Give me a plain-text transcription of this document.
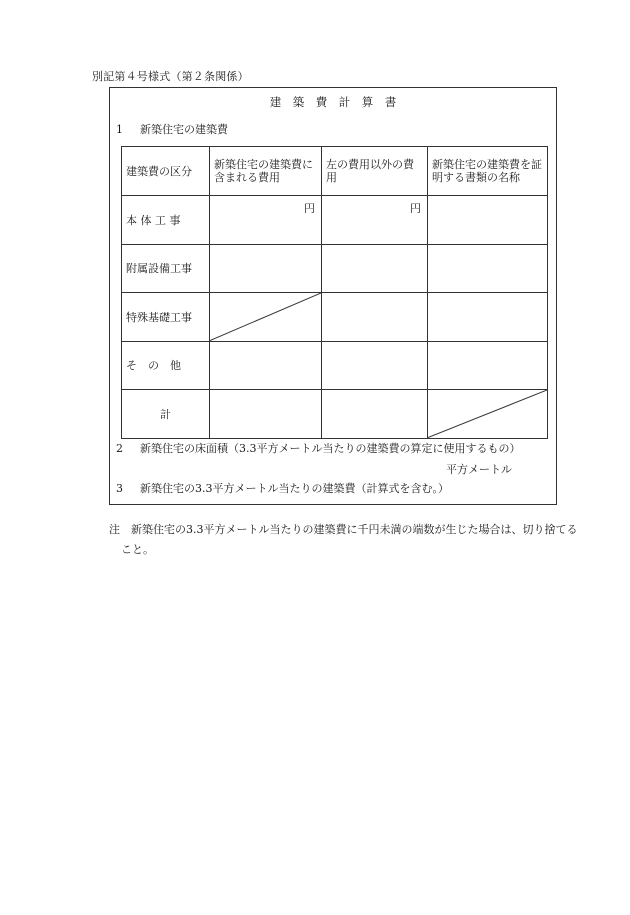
別記第４号様式（第２条関係）
建　築　費　計　算　書
1 新築住宅の建築費
建築費の区分	新築住宅の建築費に含まれる費用	左の費用以外の費用	新築住宅の建築費を証明する書類の名称
本 体 工 事	円	円	

附属設備工事			
特殊基礎工事	

そ　の　他			
計			
2 新築住宅の床面積（3.3平方メートル当たりの建築費の算定に使用するもの）
平方メートル
3 新築住宅の3.3平方メートル当たりの建築費（計算式を含む。）
注　新築住宅の3.3平方メートル当たりの建築費に千円未満の端数が生じた場合は、切り捨てること。
